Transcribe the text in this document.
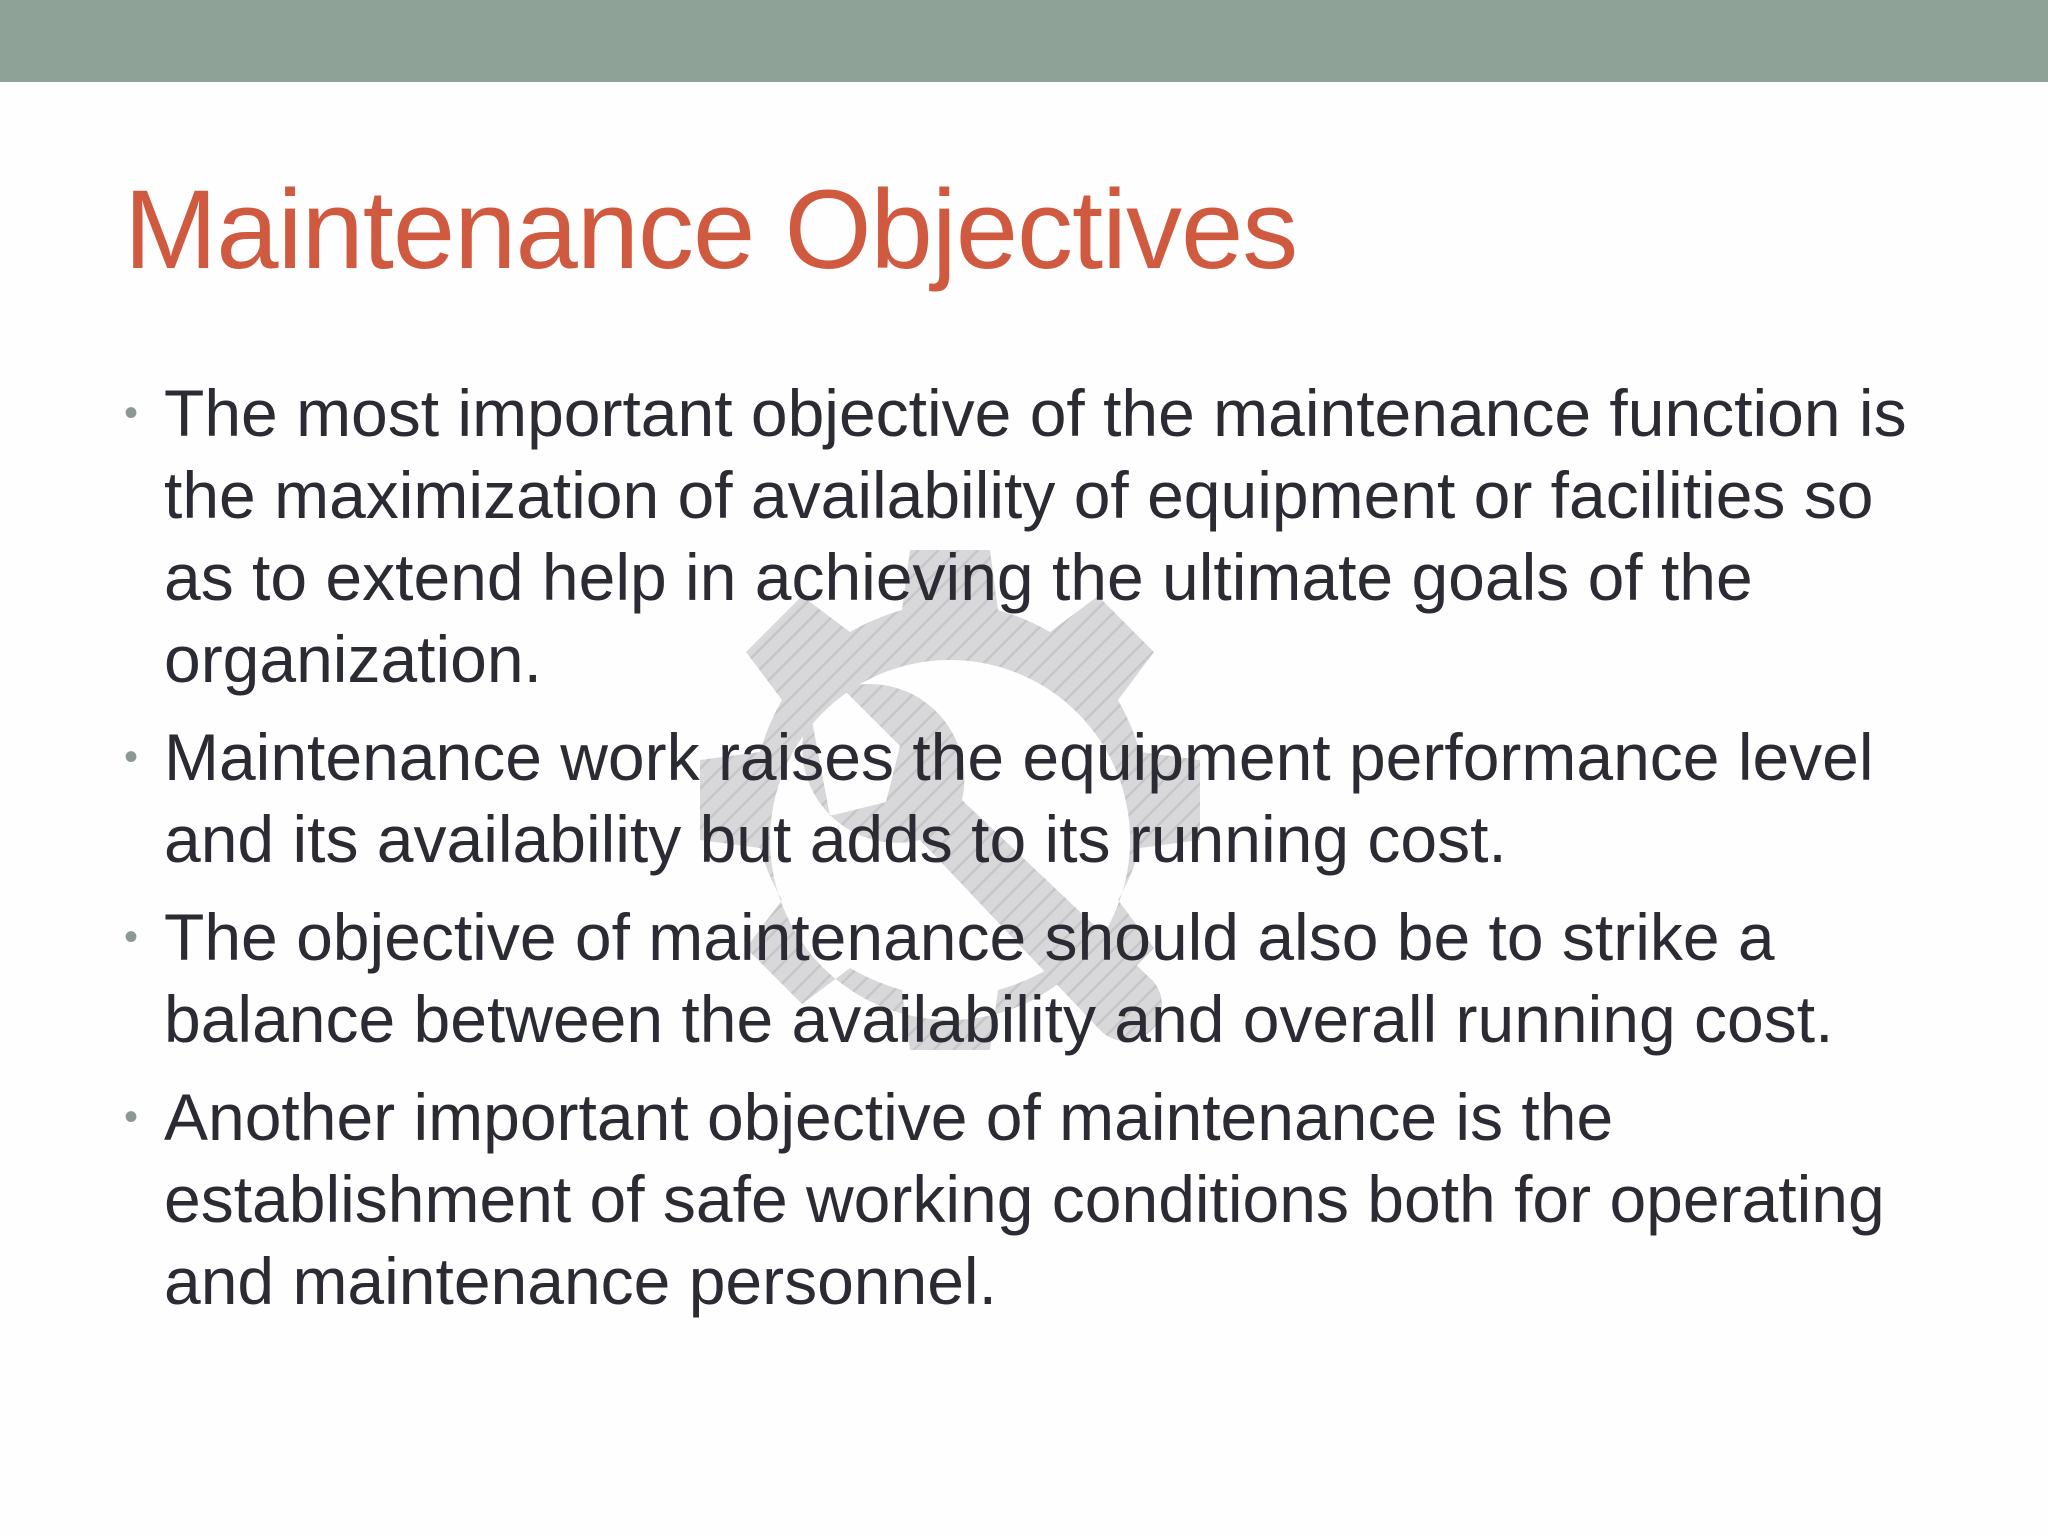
Maintenance Objectives
• The most important objective of the maintenance function is the maximization of availability of equipment or facilities so as to extend help in achieving the ultimate goals of the organization.
• Maintenance work raises the equipment performance level and its availability but adds to its running cost.
• The objective of maintenance should also be to strike a balance between the availability and overall running cost.
• Another important objective of maintenance is the establishment of safe working conditions both for operating and maintenance personnel.
